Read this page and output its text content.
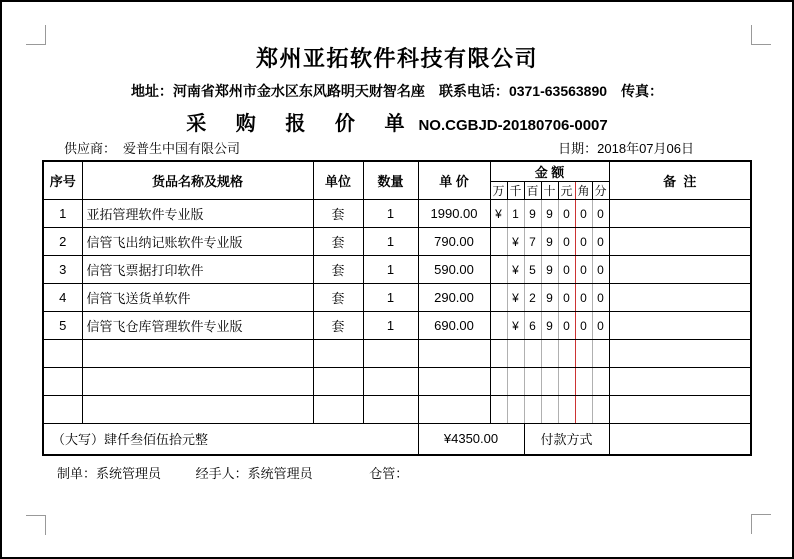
郑州亚拓软件科技有限公司
地址：河南省郑州市金水区东风路明天财智名座 联系电话：0371-63563890 传真：
采 购 报 价 单 NO.CGBJD-20180706-0007
供应商： 爱普生中国有限公司	日期：2018年07月06日
序号	货品名称及规格	单位	数量	单 价	金 额							备  注
					万	千	百	十	元	角	分	
1	亚拓管理软件专业版	套	1	1990.00	¥	1	9	9	0	0	0	
2	信管飞出纳记账软件专业版	套	1	790.00		¥	7	9	0	0	0	
3	信管飞票据打印软件	套	1	590.00		¥	5	9	0	0	0	
4	信管飞送货单软件	套	1	290.00		¥	2	9	0	0	0	
5	信管飞仓库管理软件专业版	套	1	690.00		¥	6	9	0	0	0	

（大写）肆仟叁佰伍拾元整				¥4350.00			付款方式					
制单：系统管理员	经手人：系统管理员	仓管：
